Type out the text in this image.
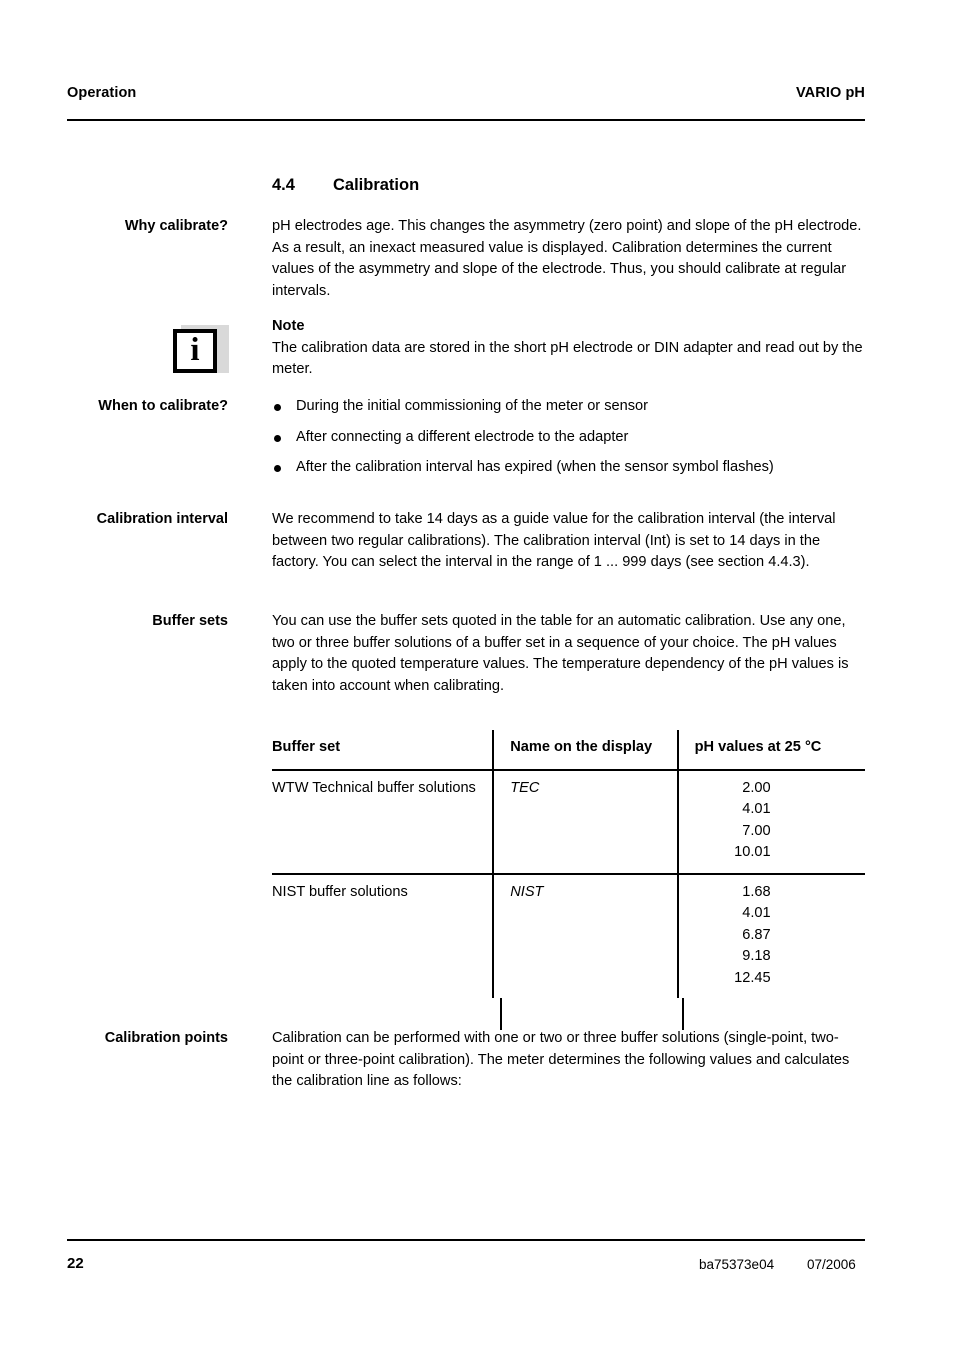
Operation	VARIO pH
4.4	Calibration
Why calibrate?	pH electrodes age. This changes the asymmetry (zero point) and slope of the pH electrode. As a result, an inexact measured value is displayed. Calibration determines the current values of the asymmetry and slope of the electrode. Thus, you should calibrate at regular intervals.

i

Note

The calibration data are stored in the short pH electrode or DIN adapter and read out by the meter.

When to calibrate?	During the initial commissioning of the meter or sensor
After connecting a different electrode to the adapter
After the calibration interval has expired (when the sensor symbol flashes)
Calibration interval	We recommend to take 14 days as a guide value for the calibration interval (the interval between two regular calibrations). The calibration interval (Int) is set to 14 days in the factory. You can select the interval in the range of 1 ... 999 days (see section 4.4.3).

Buffer sets	You can use the buffer sets quoted in the table for an automatic calibration. Use any one, two or three buffer solutions of a buffer set in a sequence of your choice. The pH values apply to the quoted temperature values. The temperature dependency of the pH values is taken into account when calibrating.

Buffer set	Name on the display	pH values at 25 °C
WTW Technical buffer solutions	TEC	2.00
4.01
7.00
10.01

NIST buffer solutions	NIST	1.68
4.01
6.87
9.18
12.45
Calibration points	Calibration can be performed with one or two or three buffer solutions (single-point, two-point or three-point calibration). The meter determines the following values and calculates the calibration line as follows:

22	ba75373e04 07/2006
